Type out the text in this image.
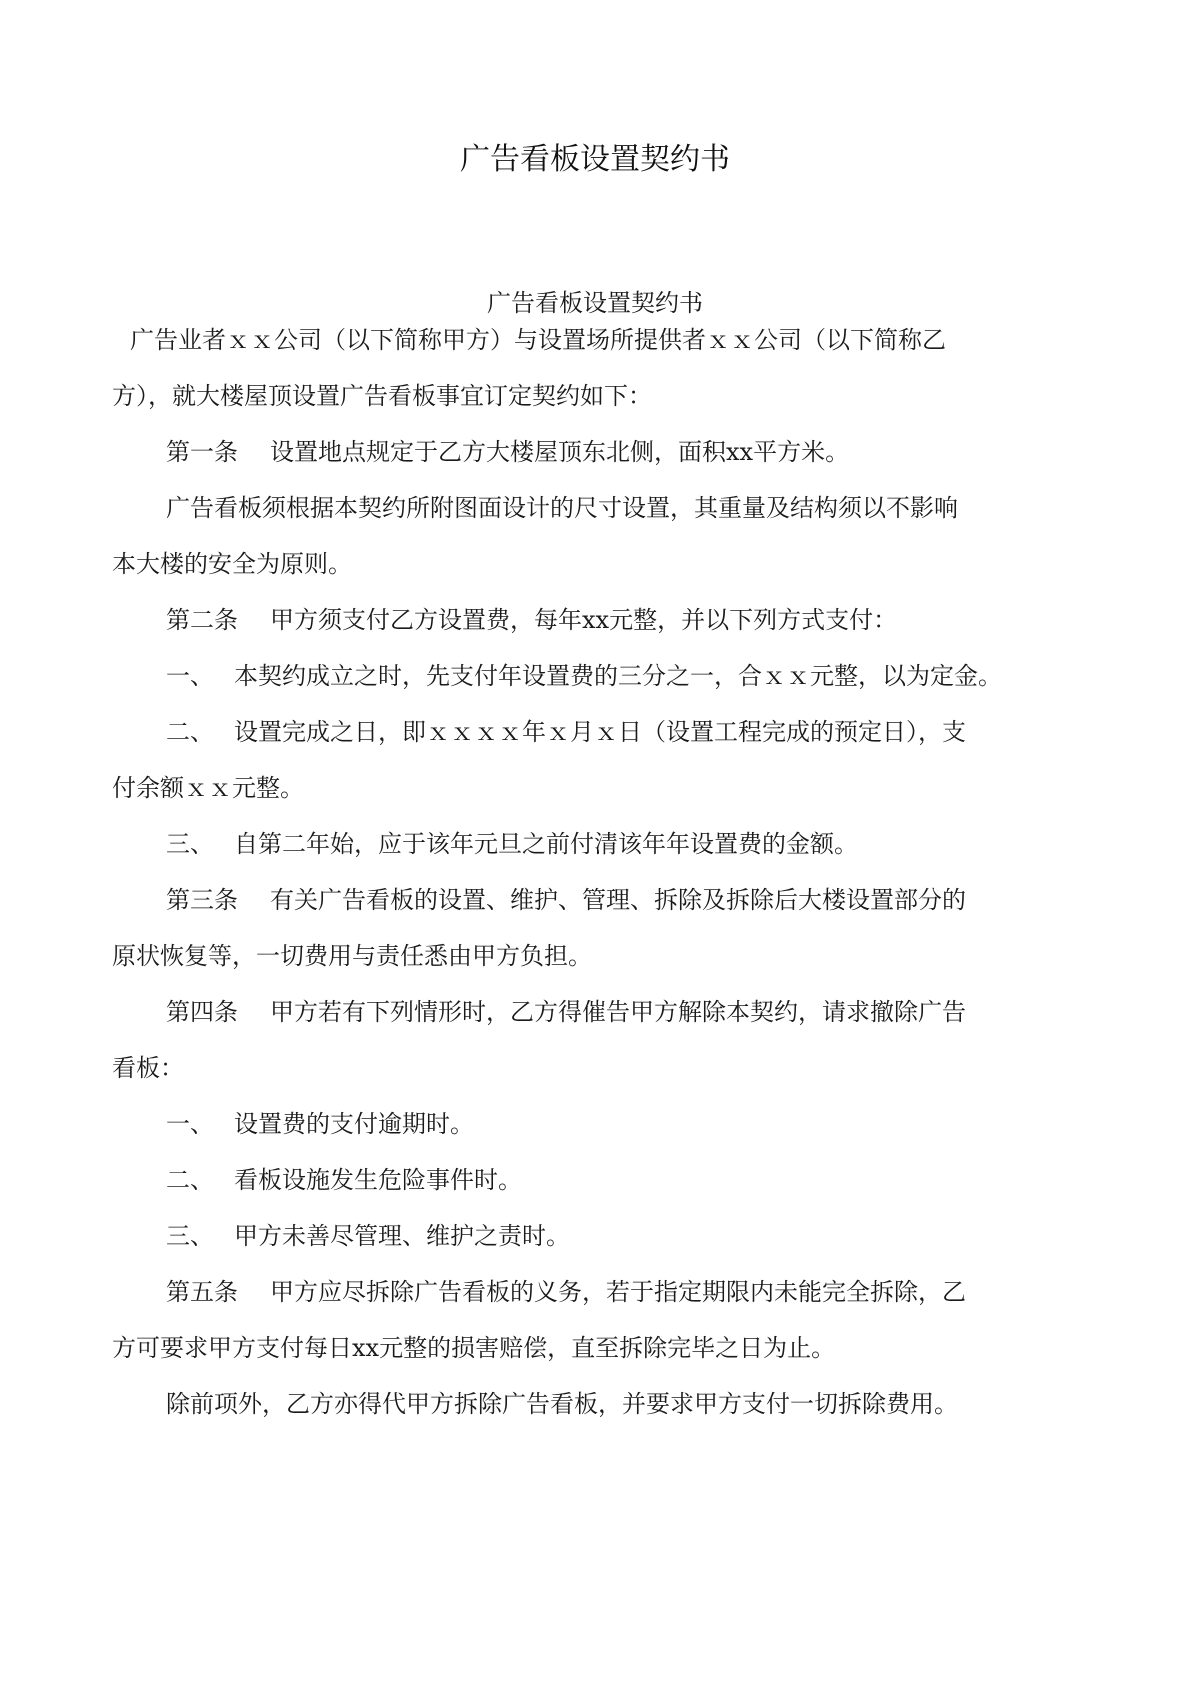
广告看板设置契约书
广告看板设置契约书

广告业者ｘｘ公司（以下简称甲方）与设置场所提供者ｘｘ公司（以下简称乙

方），就大楼屋顶设置广告看板事宜订定契约如下：

第一条 设置地点规定于乙方大楼屋顶东北侧，面积xx平方米。

广告看板须根据本契约所附图面设计的尺寸设置，其重量及结构须以不影响

本大楼的安全为原则。

第二条 甲方须支付乙方设置费，每年xx元整，并以下列方式支付：

一、 本契约成立之时，先支付年设置费的三分之一，合ｘｘ元整，以为定金。

二、 设置完成之日，即ｘｘｘｘ年ｘ月ｘ日（设置工程完成的预定日），支

付余额ｘｘ元整。

三、 自第二年始，应于该年元旦之前付清该年年设置费的金额。

第三条 有关广告看板的设置、维护、管理、拆除及拆除后大楼设置部分的

原状恢复等，一切费用与责任悉由甲方负担。

第四条 甲方若有下列情形时，乙方得催告甲方解除本契约，请求撤除广告

看板：

一、 设置费的支付逾期时。

二、 看板设施发生危险事件时。

三、 甲方未善尽管理、维护之责时。

第五条 甲方应尽拆除广告看板的义务，若于指定期限内未能完全拆除，乙

方可要求甲方支付每日xx元整的损害赔偿，直至拆除完毕之日为止。

除前项外，乙方亦得代甲方拆除广告看板，并要求甲方支付一切拆除费用。
